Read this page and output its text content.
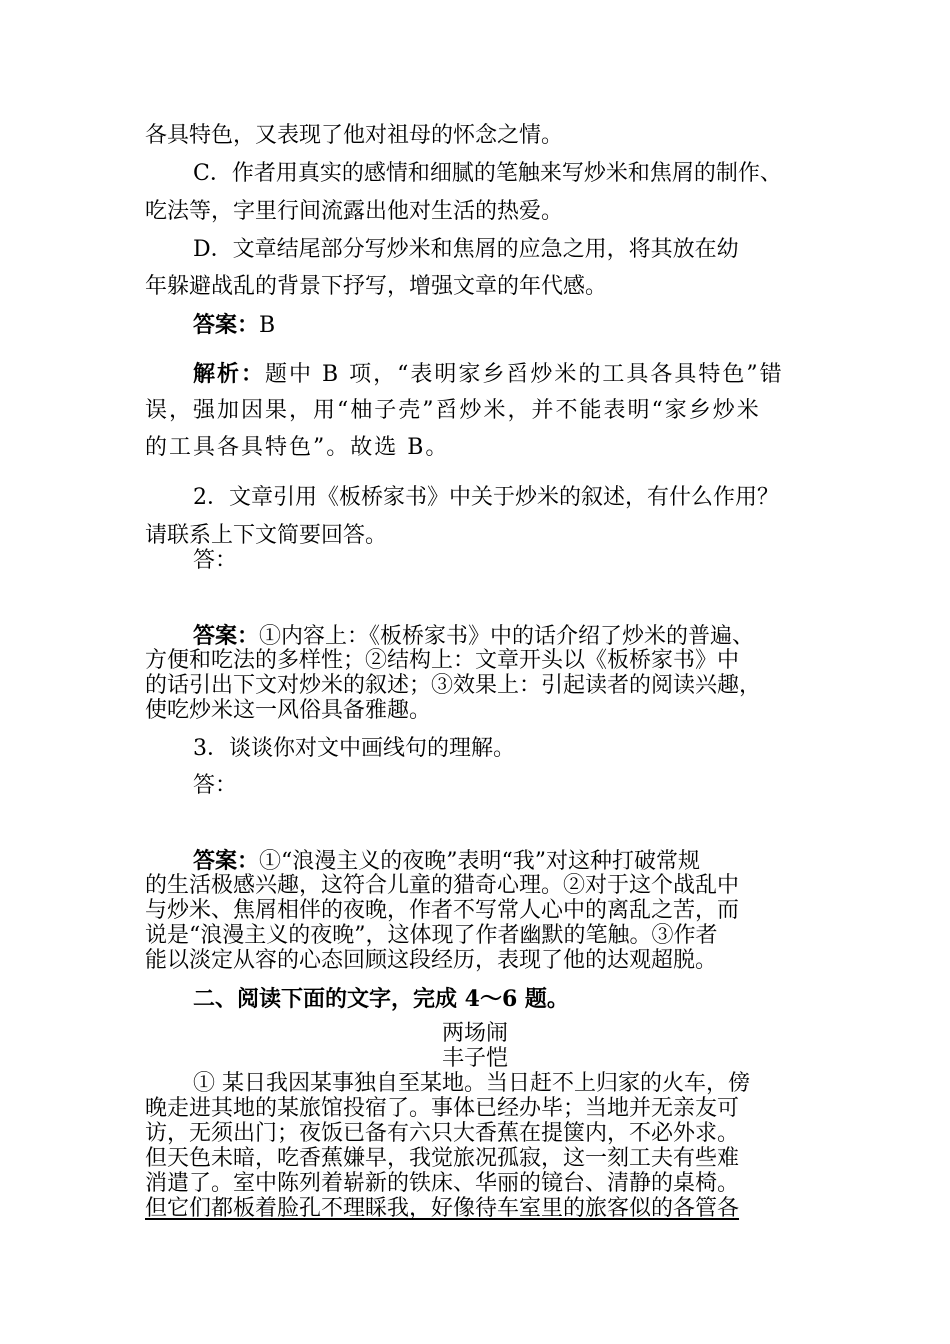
各具特色，又表现了他对祖母的怀念之情。
C．作者用真实的感情和细腻的笔触来写炒米和焦屑的制作、
吃法等，字里行间流露出他对生活的热爱。
D．文章结尾部分写炒米和焦屑的应急之用，将其放在幼
年躲避战乱的背景下抒写，增强文章的年代感。
答案：B
解析：题中 B 项，“表明家乡舀炒米的工具各具特色”错
误，强加因果，用“柚子壳”舀炒米，并不能表明“家乡炒米
的工具各具特色”。故选 B。
2．文章引用《板桥家书》中关于炒米的叙述，有什么作用？
请联系上下文简要回答。
答：
答案：①内容上：《板桥家书》中的话介绍了炒米的普遍、
方便和吃法的多样性；②结构上：文章开头以《板桥家书》中
的话引出下文对炒米的叙述；③效果上：引起读者的阅读兴趣，
使吃炒米这一风俗具备雅趣。
3．谈谈你对文中画线句的理解。
答：
答案：①“浪漫主义的夜晚”表明“我”对这种打破常规
的生活极感兴趣，这符合儿童的猎奇心理。②对于这个战乱中
与炒米、焦屑相伴的夜晚，作者不写常人心中的离乱之苦，而
说是“浪漫主义的夜晚”，这体现了作者幽默的笔触。③作者
能以淡定从容的心态回顾这段经历，表现了他的达观超脱。
二、阅读下面的文字，完成 4～6 题。
两场闹
丰子恺
① 某日我因某事独自至某地。当日赶不上归家的火车，傍
晚走进其地的某旅馆投宿了。事体已经办毕；当地并无亲友可
访，无须出门；夜饭已备有六只大香蕉在提箧内，不必外求。
但天色未暗，吃香蕉嫌早，我觉旅况孤寂，这一刻工夫有些难
消遣了。室中陈列着崭新的铁床、华丽的镜台、清静的桌椅。
但它们都板着脸孔不理睬我，好像待车室里的旅客似的各管各
